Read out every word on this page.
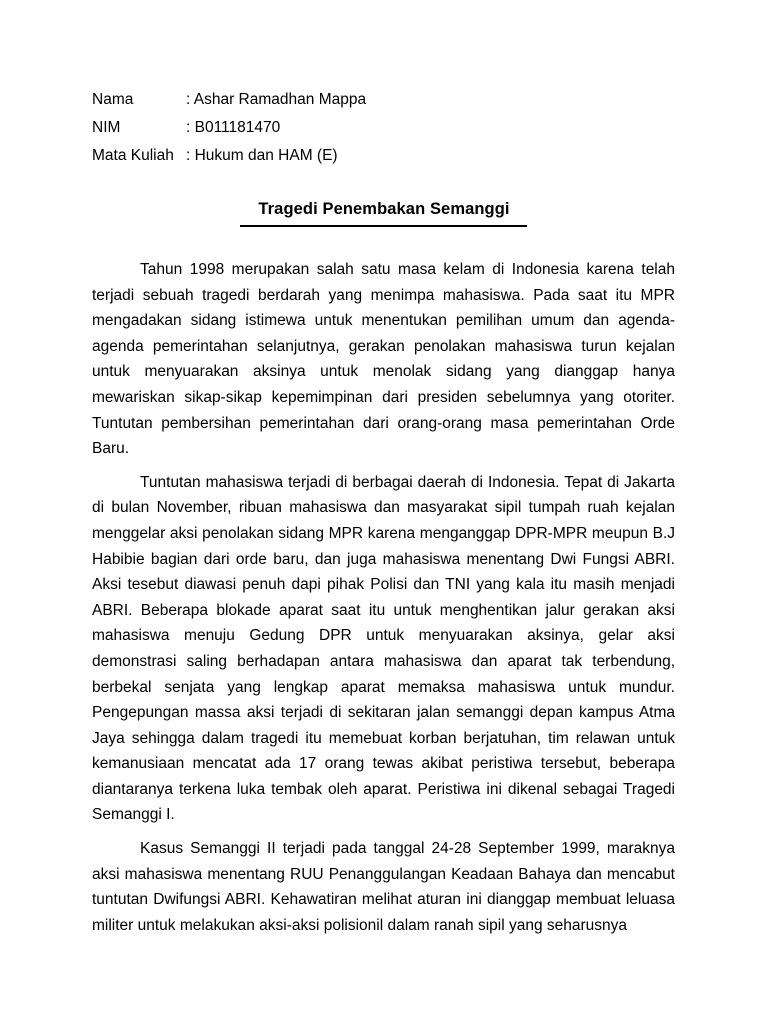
Nama	: Ashar Ramadhan Mappa
NIM	: B011181470
Mata Kuliah : Hukum dan HAM (E)
Tragedi Penembakan Semanggi

Tahun 1998 merupakan salah satu masa kelam di Indonesia karena telah terjadi sebuah tragedi berdarah yang menimpa mahasiswa. Pada saat itu MPR mengadakan sidang istimewa untuk menentukan pemilihan umum dan agenda-agenda pemerintahan selanjutnya, gerakan penolakan mahasiswa turun kejalan untuk menyuarakan aksinya untuk menolak sidang yang dianggap hanya mewariskan sikap-sikap kepemimpinan dari presiden sebelumnya yang otoriter. Tuntutan pembersihan pemerintahan dari orang-orang masa pemerintahan Orde Baru.

Tuntutan mahasiswa terjadi di berbagai daerah di Indonesia. Tepat di Jakarta di bulan November, ribuan mahasiswa dan masyarakat sipil tumpah ruah kejalan menggelar aksi penolakan sidang MPR karena menganggap DPR-MPR meupun B.J Habibie bagian dari orde baru, dan juga mahasiswa menentang Dwi Fungsi ABRI. Aksi tesebut diawasi penuh dapi pihak Polisi dan TNI yang kala itu masih menjadi ABRI. Beberapa blokade aparat saat itu untuk menghentikan jalur gerakan aksi mahasiswa menuju Gedung DPR untuk menyuarakan aksinya, gelar aksi demonstrasi saling berhadapan antara mahasiswa dan aparat tak terbendung, berbekal senjata yang lengkap aparat memaksa mahasiswa untuk mundur. Pengepungan massa aksi terjadi di sekitaran jalan semanggi depan kampus Atma Jaya sehingga dalam tragedi itu memebuat korban berjatuhan, tim relawan untuk kemanusiaan mencatat ada 17 orang tewas akibat peristiwa tersebut, beberapa diantaranya terkena luka tembak oleh aparat. Peristiwa ini dikenal sebagai Tragedi Semanggi I.

Kasus Semanggi II terjadi pada tanggal 24-28 September 1999, maraknya aksi mahasiswa menentang RUU Penanggulangan Keadaan Bahaya dan mencabut tuntutan Dwifungsi ABRI. Kehawatiran melihat aturan ini dianggap membuat leluasa militer untuk melakukan aksi-aksi polisionil dalam ranah sipil yang seharusnya
